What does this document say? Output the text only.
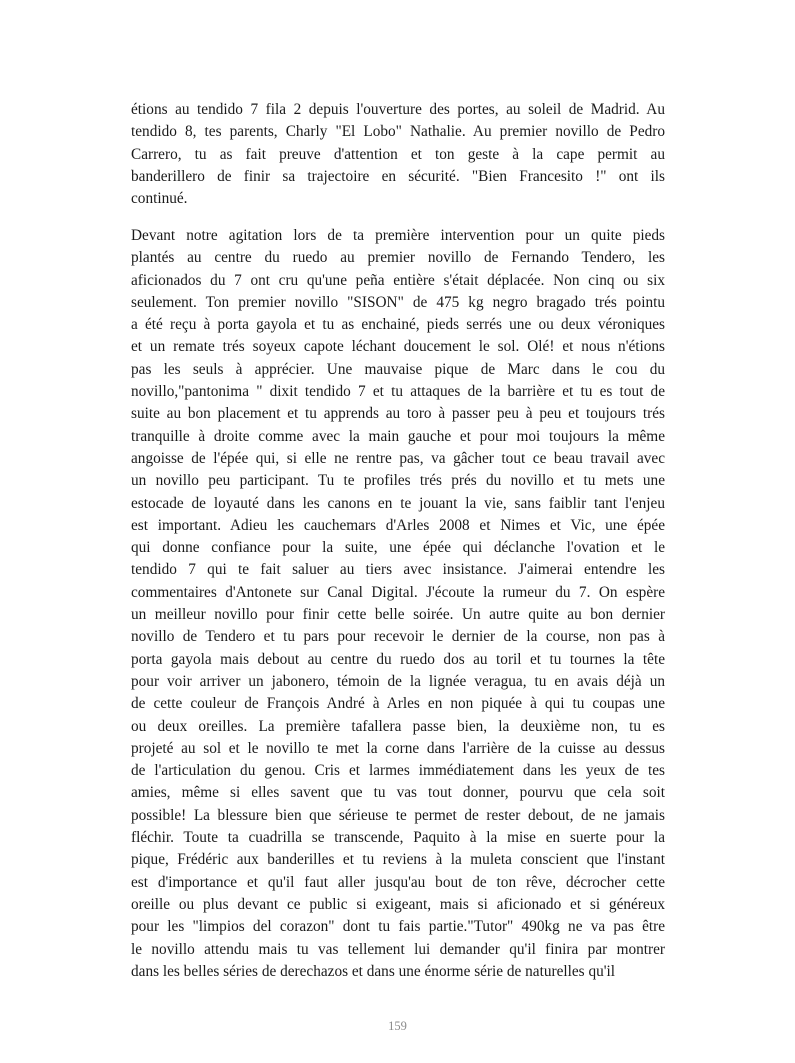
étions au tendido 7 fila 2 depuis l'ouverture des portes, au soleil de Madrid. Au
tendido 8, tes parents, Charly "El Lobo" Nathalie. Au premier novillo de Pedro
Carrero, tu as fait preuve d'attention et ton geste à la cape permit au
banderillero de finir sa trajectoire en sécurité. "Bien Francesito !" ont ils
continué.
Devant notre agitation lors de ta première intervention pour un quite pieds
plantés au centre du ruedo au premier novillo de Fernando Tendero, les
aficionados du 7 ont cru qu'une peña entière s'était déplacée. Non cinq ou six
seulement. Ton premier novillo "SISON" de 475 kg negro bragado trés pointu
a été reçu à porta gayola et tu as enchainé, pieds serrés une ou deux véroniques
et un remate trés soyeux capote léchant doucement le sol. Olé! et nous n'étions
pas les seuls à apprécier. Une mauvaise pique de Marc dans le cou du
novillo,"pantonima " dixit tendido 7 et tu attaques de la barrière et tu es tout de
suite au bon placement et tu apprends au toro à passer peu à peu et toujours trés
tranquille à droite comme avec la main gauche et pour moi toujours la même
angoisse de l'épée qui, si elle ne rentre pas, va gâcher tout ce beau travail avec
un novillo peu participant. Tu te profiles trés prés du novillo et tu mets une
estocade de loyauté dans les canons en te jouant la vie, sans faiblir tant l'enjeu
est important. Adieu les cauchemars d'Arles 2008 et Nimes et Vic, une épée
qui donne confiance pour la suite, une épée qui déclanche l'ovation et le
tendido 7 qui te fait saluer au tiers avec insistance. J'aimerai entendre les
commentaires d'Antonete sur Canal Digital. J'écoute la rumeur du 7. On espère
un meilleur novillo pour finir cette belle soirée. Un autre quite au bon dernier
novillo de Tendero et tu pars pour recevoir le dernier de la course, non pas à
porta gayola mais debout au centre du ruedo dos au toril et tu tournes la tête
pour voir arriver un jabonero, témoin de la lignée veragua, tu en avais déjà un
de cette couleur de François André à Arles en non piquée à qui tu coupas une
ou deux oreilles. La première tafallera passe bien, la deuxième non, tu es
projeté au sol et le novillo te met la corne dans l'arrière de la cuisse au dessus
de l'articulation du genou. Cris et larmes immédiatement dans les yeux de tes
amies, même si elles savent que tu vas tout donner, pourvu que cela soit
possible! La blessure bien que sérieuse te permet de rester debout, de ne jamais
fléchir. Toute ta cuadrilla se transcende, Paquito à la mise en suerte pour la
pique, Frédéric aux banderilles et tu reviens à la muleta conscient que l'instant
est d'importance et qu'il faut aller jusqu'au bout de ton rêve, décrocher cette
oreille ou plus devant ce public si exigeant, mais si aficionado et si généreux
pour les "limpios del corazon" dont tu fais partie."Tutor" 490kg ne va pas être
le novillo attendu mais tu vas tellement lui demander qu'il finira par montrer
dans les belles séries de derechazos et dans une énorme série de naturelles qu'il
159
